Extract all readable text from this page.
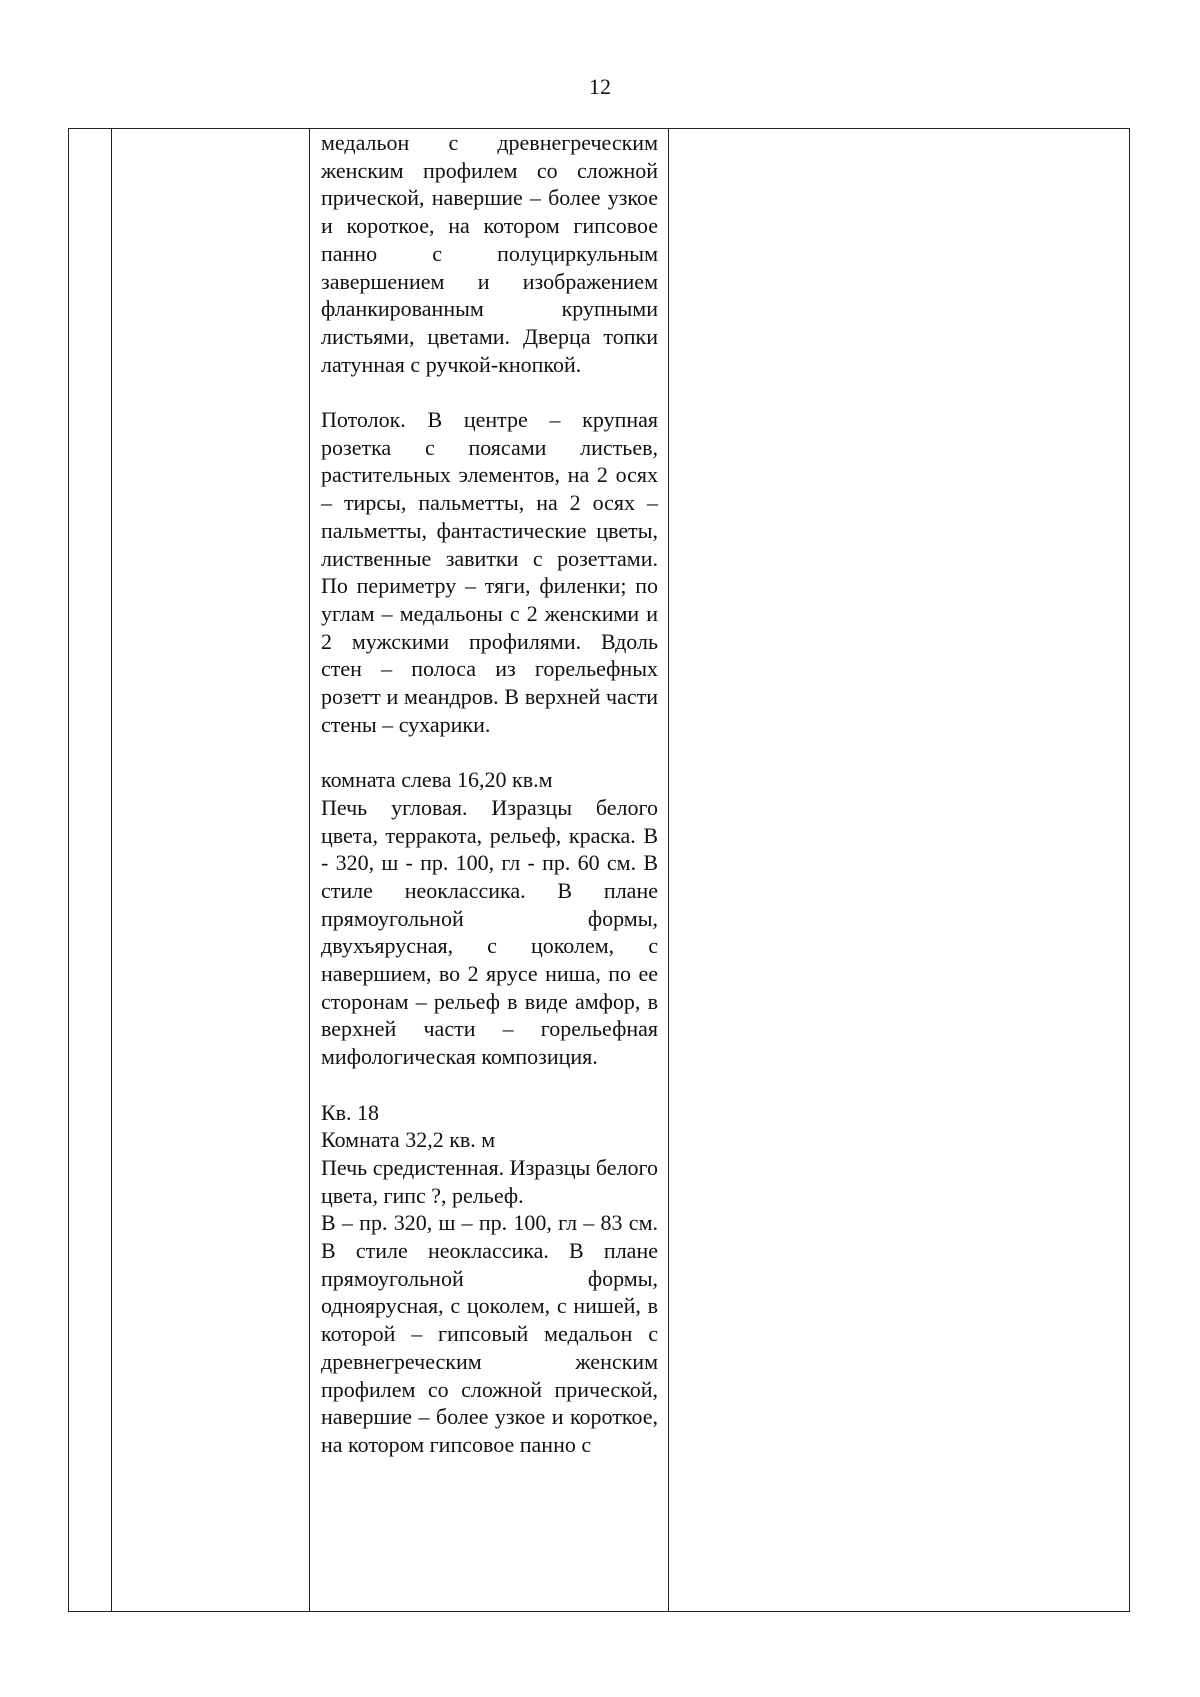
12

медальон с древнегреческим женским профилем со сложной прической, навершие – более узкое и короткое, на котором гипсовое панно с полуциркульным завершением и изображением фланкированным крупными листьями, цветами. Дверца топки латунная с ручкой-кнопкой.
Потолок. В центре – крупная розетка с поясами листьев, растительных элементов, на 2 осях – тирсы, пальметты, на 2 осях – пальметты, фантастические цветы, лиственные завитки с розеттами. По периметру – тяги, филенки; по углам – медальоны с 2 женскими и 2 мужскими профилями. Вдоль стен – полоса из горельефных розетт и меандров. В верхней части стены – сухарики.
комната слева 16,20 кв.м
Печь угловая. Изразцы белого цвета, терракота, рельеф, краска. В - 320, ш - пр. 100, гл - пр. 60 см. В стиле неоклассика. В плане прямоугольной формы, двухъярусная, с цоколем, с навершием, во 2 ярусе ниша, по ее сторонам – рельеф в виде амфор, в верхней части – горельефная мифологическая композиция.
Кв. 18
Комната 32,2 кв. м
Печь средистенная. Изразцы белого цвета, гипс ?, рельеф.
В – пр. 320, ш – пр. 100, гл – 83 см. В стиле неоклассика. В плане прямоугольной формы, одноярусная, с цоколем, с нишей, в которой – гипсовый медальон с древнегреческим женским профилем со сложной прической, навершие – более узкое и короткое, на котором гипсовое панно с
